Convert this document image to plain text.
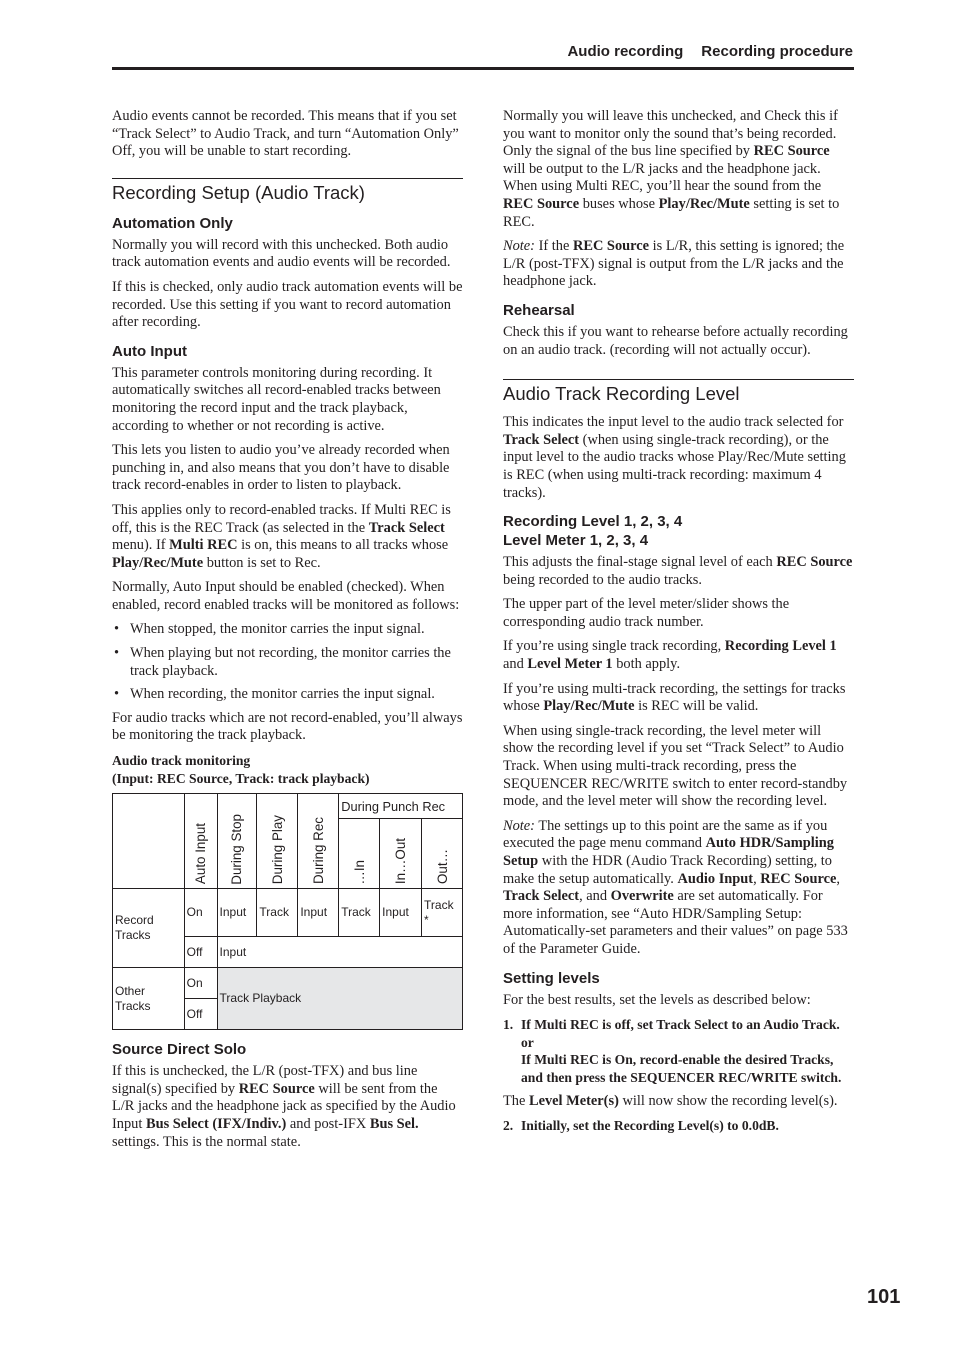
Audio recording Recording procedure

Audio events cannot be recorded. This means that if you set “Track Select” to Audio Track, and turn “Automation Only” Off, you will be unable to start recording.

Recording Setup (Audio Track)
Automation Only

Normally you will record with this unchecked. Both audio track automation events and audio events will be recorded.

If this is checked, only audio track automation events will be recorded. Use this setting if you want to record automation after recording.

Auto Input

This parameter controls monitoring during recording. It automatically switches all record-enabled tracks between monitoring the record input and the track playback, according to whether or not recording is active.

This lets you listen to audio you’ve already recorded when punching in, and also means that you don’t have to disable track record-enables in order to listen to playback.

This applies only to record-enabled tracks. If Multi REC is off, this is the REC Track (as selected in the Track Select menu). If Multi REC is on, this means to all tracks whose Play/Rec/Mute button is set to Rec.

Normally, Auto Input should be enabled (checked). When enabled, record enabled tracks will be monitored as follows:

• When stopped, the monitor carries the input signal.
• When playing but not recording, the monitor carries the track playback.
• When recording, the monitor carries the input signal.

For audio tracks which are not record-enabled, you’ll always be monitoring the track playback.

Audio track monitoring
(Input: REC Source, Track: track playback)

	Auto Input	During Stop	During Play	During Rec	During Punch Rec		

					…In	In…Out	Out…

Record Tracks	On	Input	Track	Input	Track	Input	Track *
	Off	Input					
Other Tracks	On	Track Playback					
	Off						
Source Direct Solo

If this is unchecked, the L/R (post-TFX) and bus line signal(s) specified by REC Source will be sent from the L/R jacks and the headphone jack as specified by the Audio Input Bus Select (IFX/Indiv.) and post-IFX Bus Sel. settings. This is the normal state.

Normally you will leave this unchecked, and Check this if you want to monitor only the sound that’s being recorded. Only the signal of the bus line specified by REC Source will be output to the L/R jacks and the headphone jack. When using Multi REC, you’ll hear the sound from the REC Source buses whose Play/Rec/Mute setting is set to REC.

Note: If the REC Source is L/R, this setting is ignored; the L/R (post-TFX) signal is output from the L/R jacks and the headphone jack.

Rehearsal

Check this if you want to rehearse before actually recording on an audio track. (recording will not actually occur).

Audio Track Recording Level

This indicates the input level to the audio track selected for Track Select (when using single-track recording), or the input level to the audio tracks whose Play/Rec/Mute setting is REC (when using multi-track recording: maximum 4 tracks).

Recording Level 1, 2, 3, 4
Level Meter 1, 2, 3, 4

This adjusts the final-stage signal level of each REC Source being recorded to the audio tracks.

The upper part of the level meter/slider shows the corresponding audio track number.

If you’re using single track recording, Recording Level 1 and Level Meter 1 both apply.

If you’re using multi-track recording, the settings for tracks whose Play/Rec/Mute is REC will be valid.

When using single-track recording, the level meter will show the recording level if you set “Track Select” to Audio Track. When using multi-track recording, press the SEQUENCER REC/WRITE switch to enter record-standby mode, and the level meter will show the recording level.

Note: The settings up to this point are the same as if you executed the page menu command Auto HDR/Sampling Setup with the HDR (Audio Track Recording) setting, to make the setup automatically. Audio Input, REC Source, Track Select, and Overwrite are set automatically. For more information, see “Auto HDR/Sampling Setup: Automatically-set parameters and their values” on page 533 of the Parameter Guide.

Setting levels

For the best results, set the levels as described below:

1. If Multi REC is off, set Track Select to an Audio Track.
or
If Multi REC is On, record-enable the desired Tracks, and then press the SEQUENCER REC/WRITE switch.

The Level Meter(s) will now show the recording level(s).

2. Initially, set the Recording Level(s) to 0.0dB.
101
